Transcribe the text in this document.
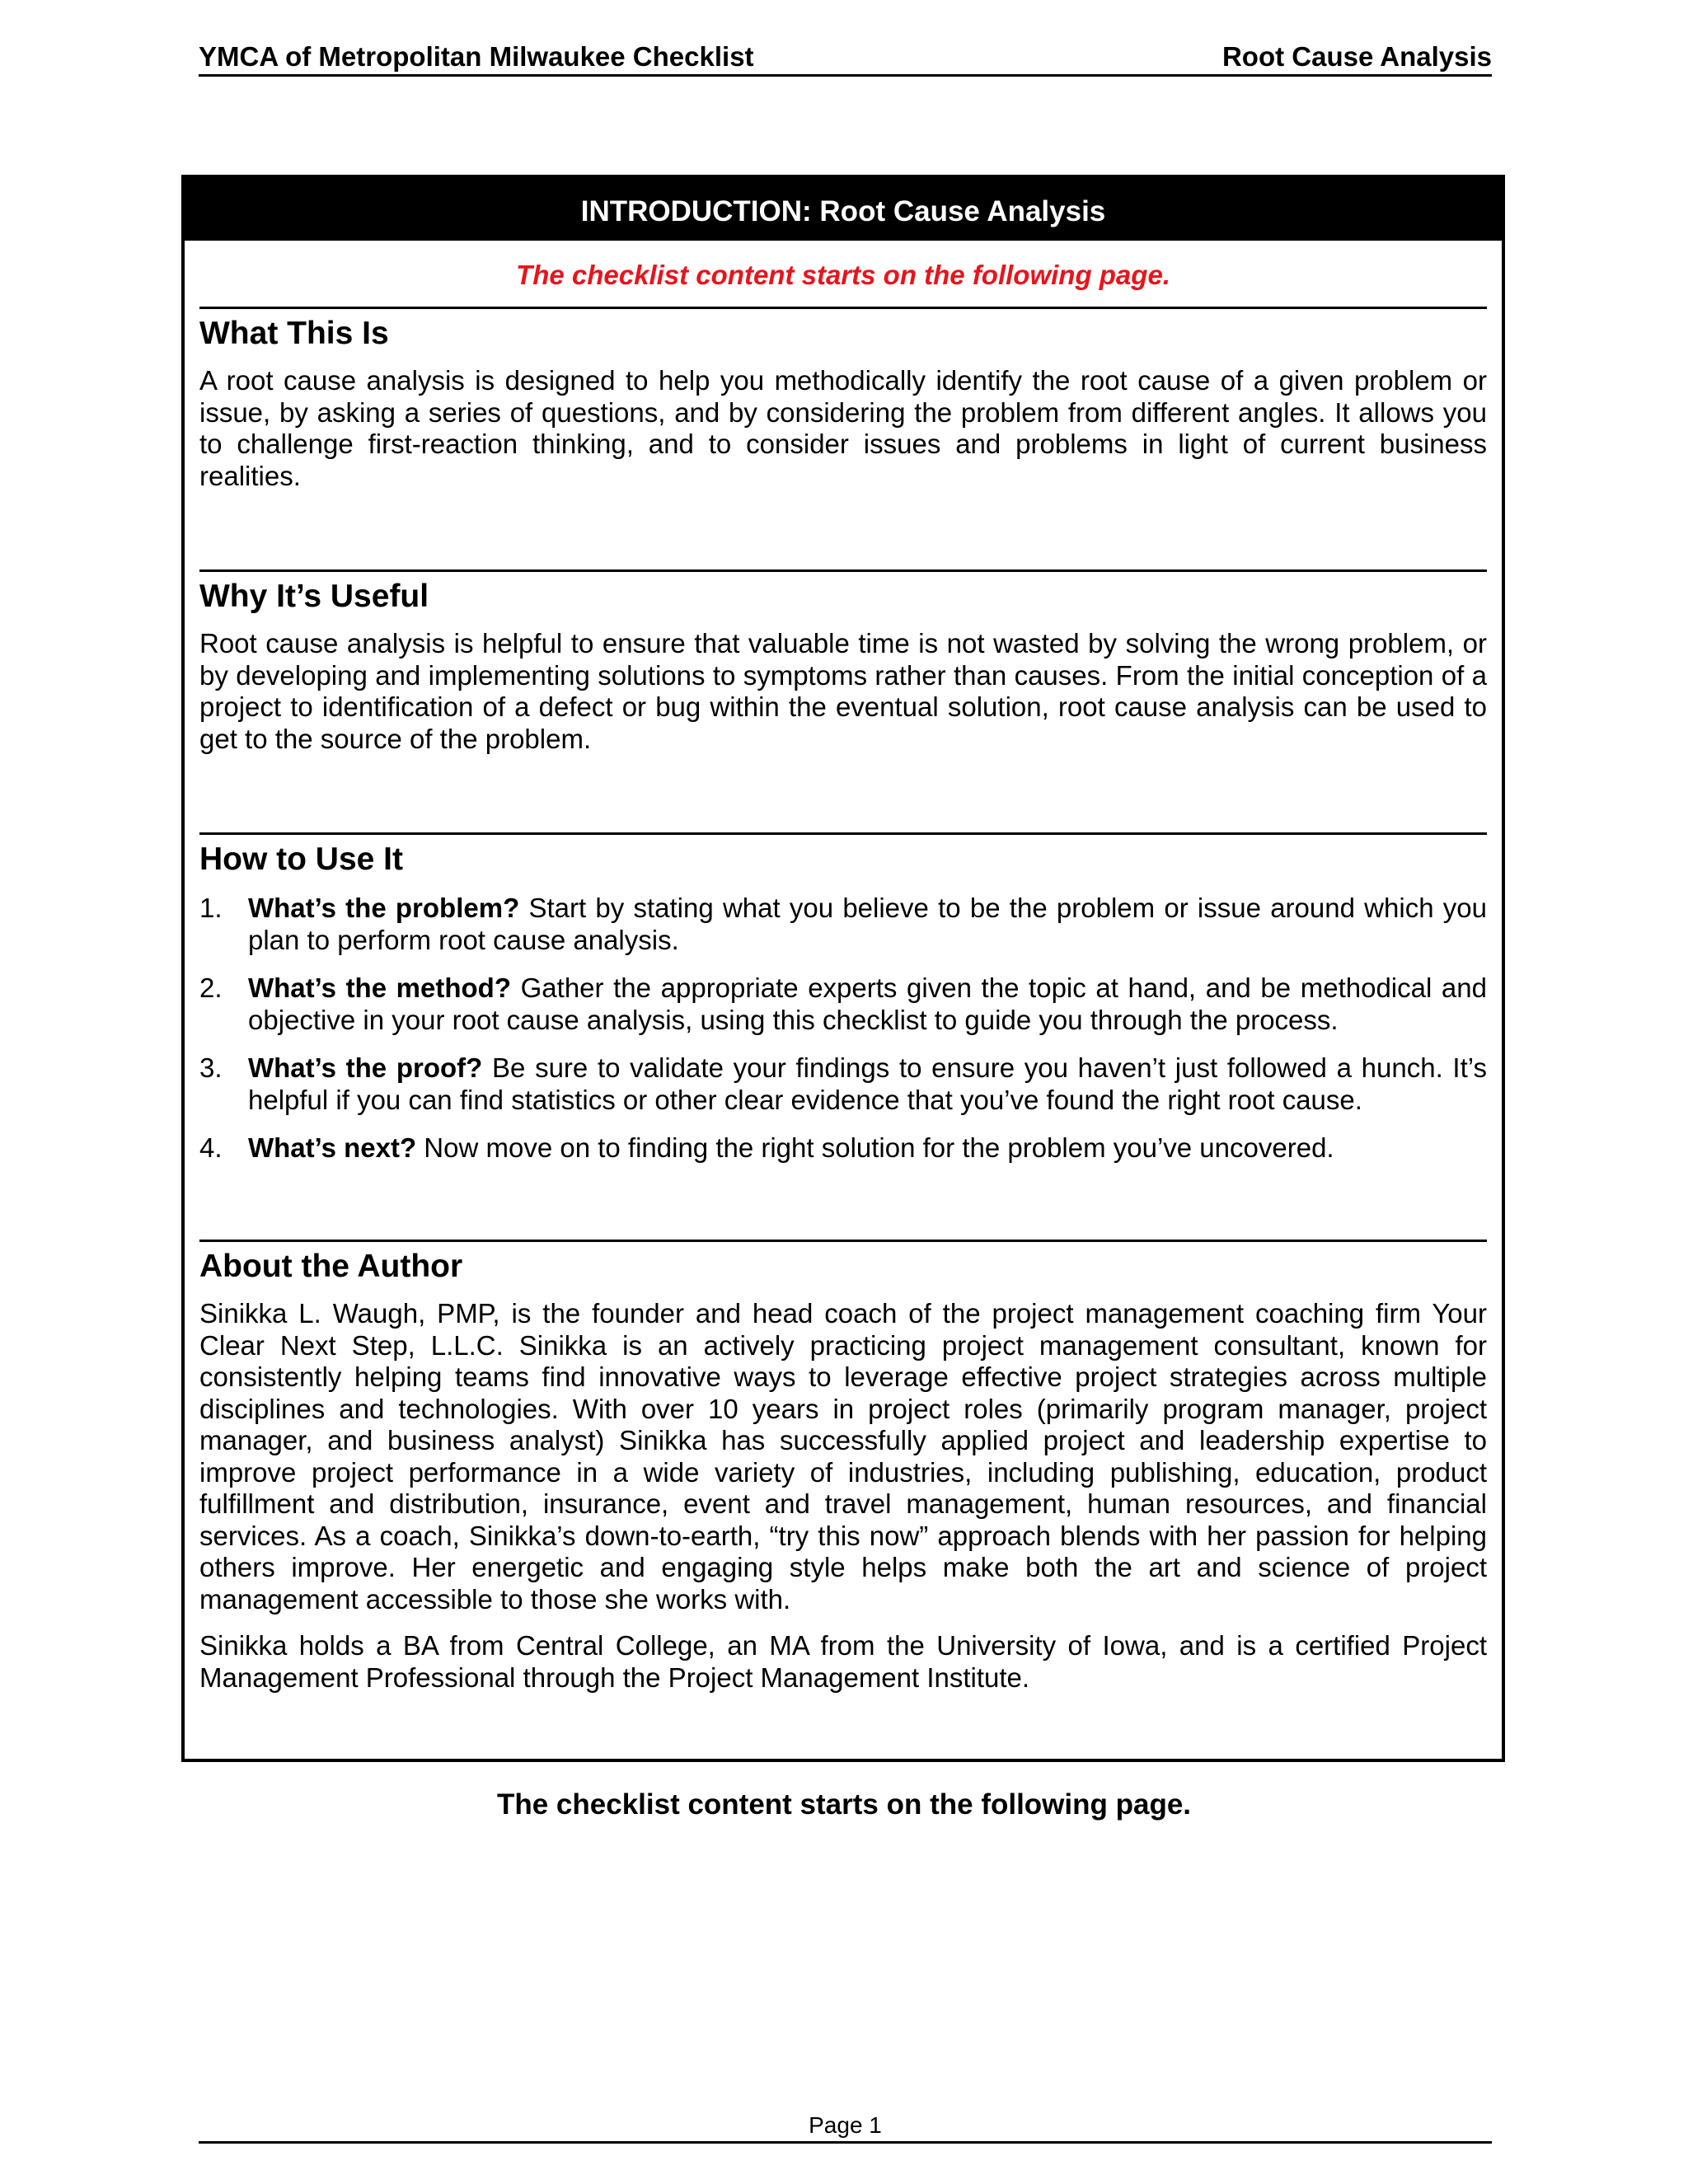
YMCA of Metropolitan Milwaukee Checklist	Root Cause Analysis
INTRODUCTION: Root Cause Analysis
The checklist content starts on the following page.
What This Is

A root cause analysis is designed to help you methodically identify the root cause of a given problem or issue, by asking a series of questions, and by considering the problem from different angles. It allows you to challenge first-reaction thinking, and to consider issues and problems in light of current business realities.

Why It’s Useful

Root cause analysis is helpful to ensure that valuable time is not wasted by solving the wrong problem, or by developing and implementing solutions to symptoms rather than causes. From the initial conception of a project to identification of a defect or bug within the eventual solution, root cause analysis can be used to get to the source of the problem.

How to Use It
1. What’s the problem? Start by stating what you believe to be the problem or issue around which you plan to perform root cause analysis.
2. What’s the method? Gather the appropriate experts given the topic at hand, and be methodical and objective in your root cause analysis, using this checklist to guide you through the process.
3. What’s the proof? Be sure to validate your findings to ensure you haven’t just followed a hunch. It’s helpful if you can find statistics or other clear evidence that you’ve found the right root cause.
4. What’s next? Now move on to finding the right solution for the problem you’ve uncovered.
About the Author

Sinikka L. Waugh, PMP, is the founder and head coach of the project management coaching firm Your Clear Next Step, L.L.C. Sinikka is an actively practicing project management consultant, known for consistently helping teams find innovative ways to leverage effective project strategies across multiple disciplines and technologies. With over 10 years in project roles (primarily program manager, project manager, and business analyst) Sinikka has successfully applied project and leadership expertise to improve project performance in a wide variety of industries, including publishing, education, product fulfillment and distribution, insurance, event and travel management, human resources, and financial services. As a coach, Sinikka’s down-to-earth, “try this now” approach blends with her passion for helping others improve. Her energetic and engaging style helps make both the art and science of project management accessible to those she works with.

Sinikka holds a BA from Central College, an MA from the University of Iowa, and is a certified Project Management Professional through the Project Management Institute.

The checklist content starts on the following page.
Page 1
